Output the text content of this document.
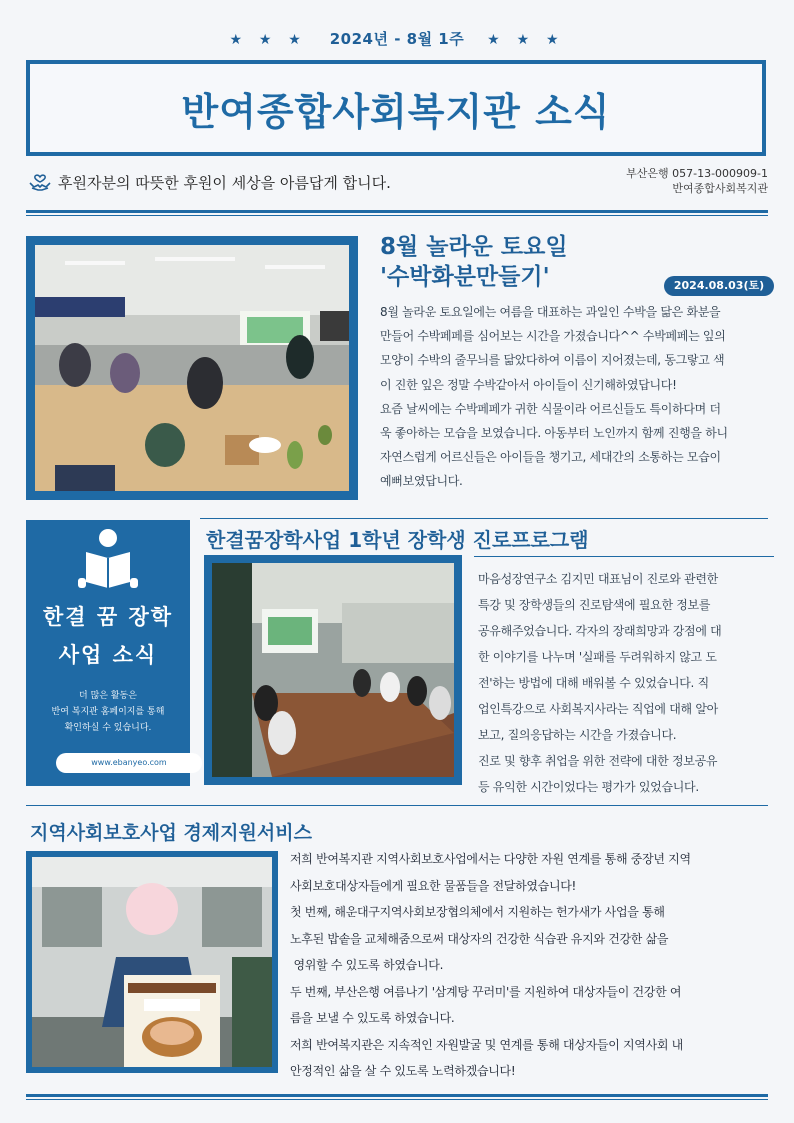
★ ★ ★ 2024년 - 8월 1주 ★ ★ ★
반여종합사회복지관 소식
후원자분의 따뜻한 후원이 세상을 아름답게 합니다.
부산은행 057-13-000909-1
반여종합사회복지관
8월 놀라운 토요일
'수박화분만들기'	2024.08.03(토)
8월 놀라운 토요일에는 여름을 대표하는 과일인 수박을 닮은 화분을
만들어 수박페페를 심어보는 시간을 가졌습니다^^ 수박페페는 잎의
모양이 수박의 줄무늬를 닮았다하여 이름이 지어졌는데, 동그랗고 색
이 진한 잎은 정말 수박같아서 아이들이 신기해하였답니다!
요즘 날씨에는 수박페페가 귀한 식물이라 어르신들도 특이하다며 더
욱 좋아하는 모습을 보였습니다. 아동부터 노인까지 함께 진행을 하니
자연스럽게 어르신들은 아이들을 챙기고, 세대간의 소통하는 모습이
예뻐보였답니다.
한결 꿈 장학
사업 소식
더 많은 활동은
반여 복지관 홈페이지를 통해
확인하실 수 있습니다.
www.ebanyeo.com
한결꿈장학사업 1학년 장학생 진로프로그램
마음성장연구소 김지민 대표님이 진로와 관련한
특강 및 장학생들의 진로탐색에 필요한 정보를
공유해주었습니다. 각자의 장래희망과 강점에 대
한 이야기를 나누며 '실패를 두려워하지 않고 도
전'하는 방법에 대해 배워볼 수 있었습니다. 직
업인특강으로 사회복지사라는 직업에 대해 알아
보고, 질의응답하는 시간을 가졌습니다.
진로 및 향후 취업을 위한 전략에 대한 정보공유
등 유익한 시간이었다는 평가가 있었습니다.
지역사회보호사업 경제지원서비스
저희 반여복지관 지역사회보호사업에서는 다양한 자원 연계를 통해 중장년 지역
사회보호대상자들에게 필요한 물품들을 전달하였습니다!
첫 번째, 해운대구지역사회보장협의체에서 지원하는 헌가새가 사업을 통해
노후된 밥솥을 교체해줌으로써 대상자의 건강한 식습관 유지와 건강한 삶을
영위할 수 있도록 하였습니다.
두 번째, 부산은행 여름나기 '삼계탕 꾸러미'를 지원하여 대상자들이 건강한 여
름을 보낼 수 있도록 하였습니다.
저희 반여복지관은 지속적인 자원발굴 및 연계를 통해 대상자들이 지역사회 내
안정적인 삶을 살 수 있도록 노력하겠습니다!
